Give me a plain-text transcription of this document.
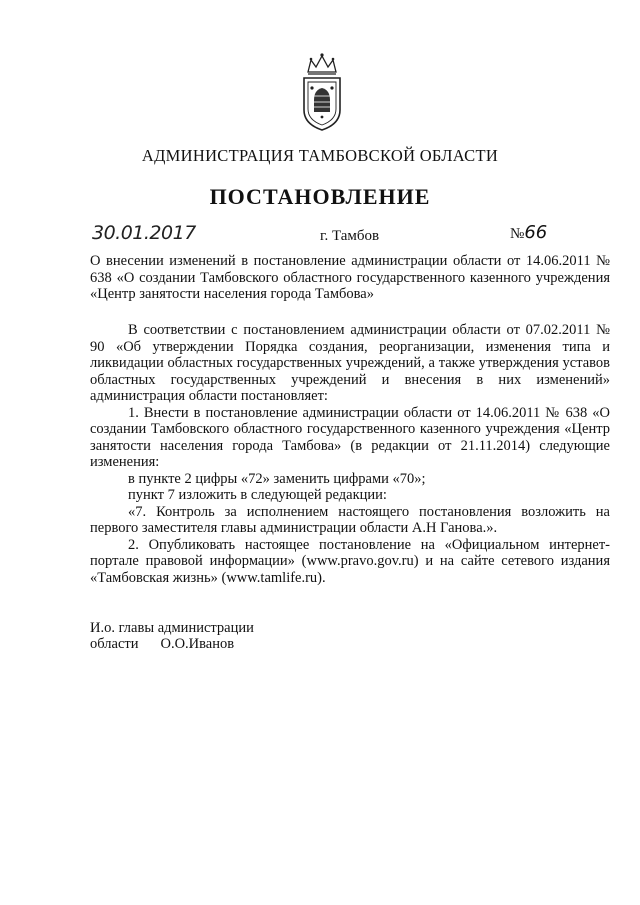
АДМИНИСТРАЦИЯ ТАМБОВСКОЙ ОБЛАСТИ
ПОСТАНОВЛЕНИЕ
30.01.2017	г. Тамбов	№66
О внесении изменений в постановление администрации области от 14.06.2011 № 638 «О создании Тамбовского областного государственного казенного учреждения «Центр занятости населения города Тамбова»

В соответствии с постановлением администрации области от 07.02.2011 № 90 «Об утверждении Порядка создания, реорганизации, изменения типа и ликвидации областных государственных учреждений, а также утверждения уставов областных государственных учреждений и внесения в них изменений» администрация области постановляет:

1. Внести в постановление администрации области от 14.06.2011 № 638 «О создании Тамбовского областного государственного казенного учреждения «Центр занятости населения города Тамбова» (в редакции от 21.11.2014) следующие изменения:

в пункте 2 цифры «72» заменить цифрами «70»;

пункт 7 изложить в следующей редакции:

«7. Контроль за исполнением настоящего постановления возложить на первого заместителя главы администрации области А.Н Ганова.».

2. Опубликовать настоящее постановление на «Официальном интернет-портале правовой информации» (www.pravo.gov.ru) и на сайте сетевого издания «Тамбовская жизнь» (www.tamlife.ru).

И.о. главы администрации
области О.О.Иванов
